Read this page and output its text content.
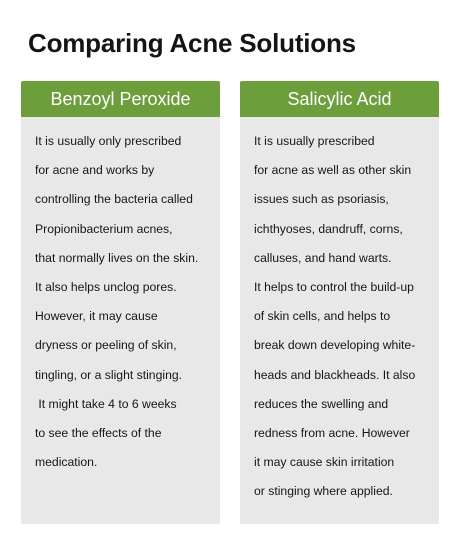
Comparing Acne Solutions
Benzoyl Peroxide
It is usually only prescribed
for acne and works by
controlling the bacteria called
Propionibacterium acnes,
that normally lives on the skin.
It also helps unclog pores.
However, it may cause
dryness or peeling of skin,
tingling, or a slight stinging.
It might take 4 to 6 weeks
to see the effects of the
medication.
Salicylic Acid
It is usually prescribed
for acne as well as other skin
issues such as psoriasis,
ichthyoses, dandruff, corns,
calluses, and hand warts.
It helps to control the build-up
of skin cells, and helps to
break down developing white-
heads and blackheads. It also
reduces the swelling and
redness from acne. However
it may cause skin irritation
or stinging where applied.
